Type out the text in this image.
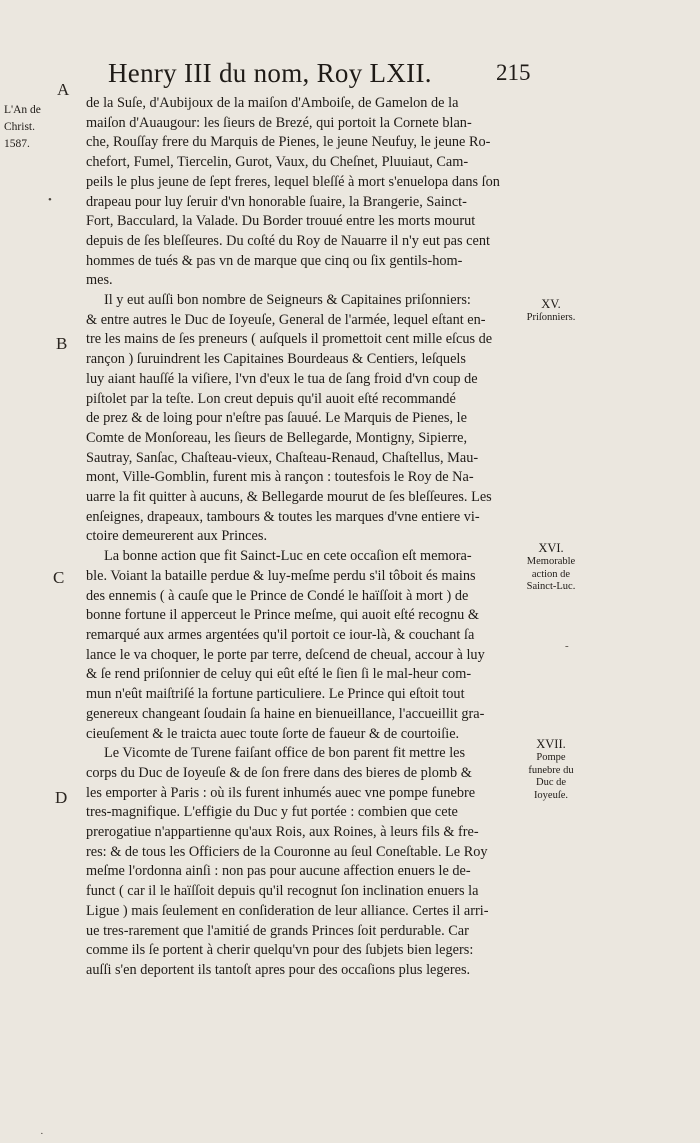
A
Henry III du nom, Roy LXII.	215
L'An de
Christ.
1587.
B
C
D
de la Suſe, d'Aubijoux de la maiſon d'Amboiſe, de Gamelon de la
maiſon d'Auaugour: les ſieurs de Brezé, qui portoit la Cornete blan-
che, Rouſſay frere du Marquis de Pienes, le jeune Neufuy, le jeune Ro-
chefort, Fumel, Tiercelin, Gurot, Vaux, du Cheſnet, Pluuiaut, Cam-
peils le plus jeune de ſept freres, lequel bleſſé à mort s'enuelopa dans ſon
drapeau pour luy ſeruir d'vn honorable ſuaire, la Brangerie, Sainct-
Fort, Bacculard, la Valade. Du Border trouué entre les morts mourut
depuis de ſes bleſſeures. Du coſté du Roy de Nauarre il n'y eut pas cent
hommes de tués & pas vn de marque que cinq ou ſix gentils-hom-
mes.
Il y eut auſſi bon nombre de Seigneurs & Capitaines priſonniers:
& entre autres le Duc de Ioyeuſe, General de l'armée, lequel eſtant en-
tre les mains de ſes preneurs ( auſquels il promettoit cent mille eſcus de
rançon ) ſuruindrent les Capitaines Bourdeaus & Centiers, leſquels
luy aiant hauſſé la viſiere, l'vn d'eux le tua de ſang froid d'vn coup de
piſtolet par la teſte. Lon creut depuis qu'il auoit eſté recommandé
de prez & de loing pour n'eſtre pas ſauué. Le Marquis de Pienes, le
Comte de Monſoreau, les ſieurs de Bellegarde, Montigny, Sipierre,
Sautray, Sanſac, Chaſteau-vieux, Chaſteau-Renaud, Chaſtellus, Mau-
mont, Ville-Gomblin, furent mis à rançon : toutesfois le Roy de Na-
uarre la fit quitter à aucuns, & Bellegarde mourut de ſes bleſſeures. Les
enſeignes, drapeaux, tambours & toutes les marques d'vne entiere vi-
ctoire demeurerent aux Princes.
La bonne action que fit Sainct-Luc en cete occaſion eſt memora-
ble. Voiant la bataille perdue & luy-meſme perdu s'il tôboit és mains
des ennemis ( à cauſe que le Prince de Condé le haïſſoit à mort ) de
bonne fortune il apperceut le Prince meſme, qui auoit eſté recognu &
remarqué aux armes argentées qu'il portoit ce iour-là, & couchant ſa
lance le va choquer, le porte par terre, deſcend de cheual, accour à luy
& ſe rend priſonnier de celuy qui eût eſté le ſien ſi le mal-heur com-
mun n'eût maiſtriſé la fortune particuliere. Le Prince qui eſtoit tout
genereux changeant ſoudain ſa haine en bienueillance, l'accueillit gra-
cieuſement & le traicta auec toute ſorte de faueur & de courtoiſie.
Le Vicomte de Turene faiſant office de bon parent fit mettre les
corps du Duc de Ioyeuſe & de ſon frere dans des bieres de plomb &
les emporter à Paris : où ils furent inhumés auec vne pompe funebre
tres-magnifique. L'effigie du Duc y fut portée : combien que cete
prerogatiue n'appartienne qu'aux Rois, aux Roines, à leurs fils & fre-
res: & de tous les Officiers de la Couronne au ſeul Coneſtable. Le Roy
meſme l'ordonna ainſi : non pas pour aucune affection enuers le de-
funct ( car il le haïſſoit depuis qu'il recognut ſon inclination enuers la
Ligue ) mais ſeulement en conſideration de leur alliance. Certes il arri-
ue tres-rarement que l'amitié de grands Princes ſoit perdurable. Car
comme ils ſe portent à cherir quelqu'vn pour des ſubjets bien legers:
auſſi s'en deportent ils tantoſt apres pour des occaſions plus legeres.
XV.
Priſonniers.
XVI.
Memorable action de Sainct-Luc.
XVII.
Pompe funebre du Duc de Ioyeuſe.
•
-
·
